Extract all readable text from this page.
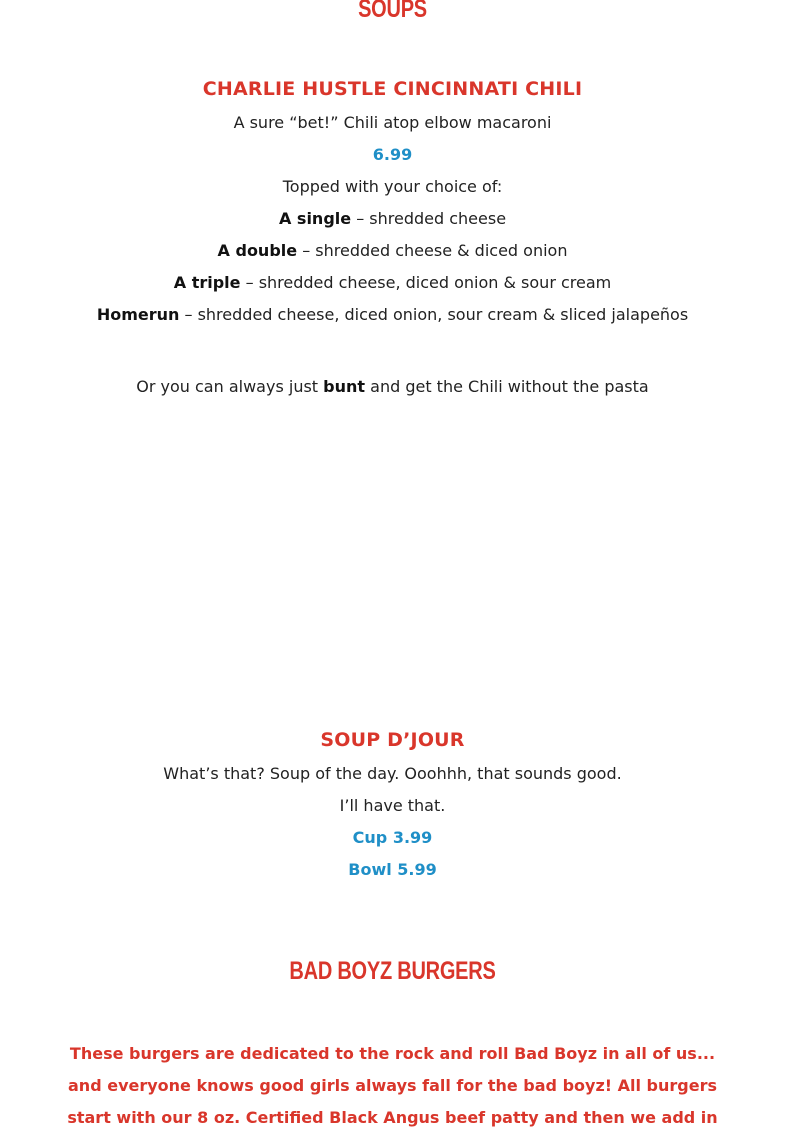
SOUPS
CHARLIE HUSTLE CINCINNATI CHILI
A sure “bet!” Chili atop elbow macaroni
6.99
Topped with your choice of:
A single – shredded cheese
A double – shredded cheese & diced onion
A triple – shredded cheese, diced onion & sour cream
Homerun – shredded cheese, diced onion, sour cream & sliced jalapeños
Or you can always just bunt and get the Chili without the pasta
SOUP D’JOUR
What’s that? Soup of the day. Ooohhh, that sounds good.
I’ll have that.
Cup 3.99
Bowl 5.99
BAD BOYZ BURGERS
These burgers are dedicated to the rock and roll Bad Boyz in all of us...
and everyone knows good girls always fall for the bad boyz! All burgers
start with our 8 oz. Certified Black Angus beef patty and then we add in
